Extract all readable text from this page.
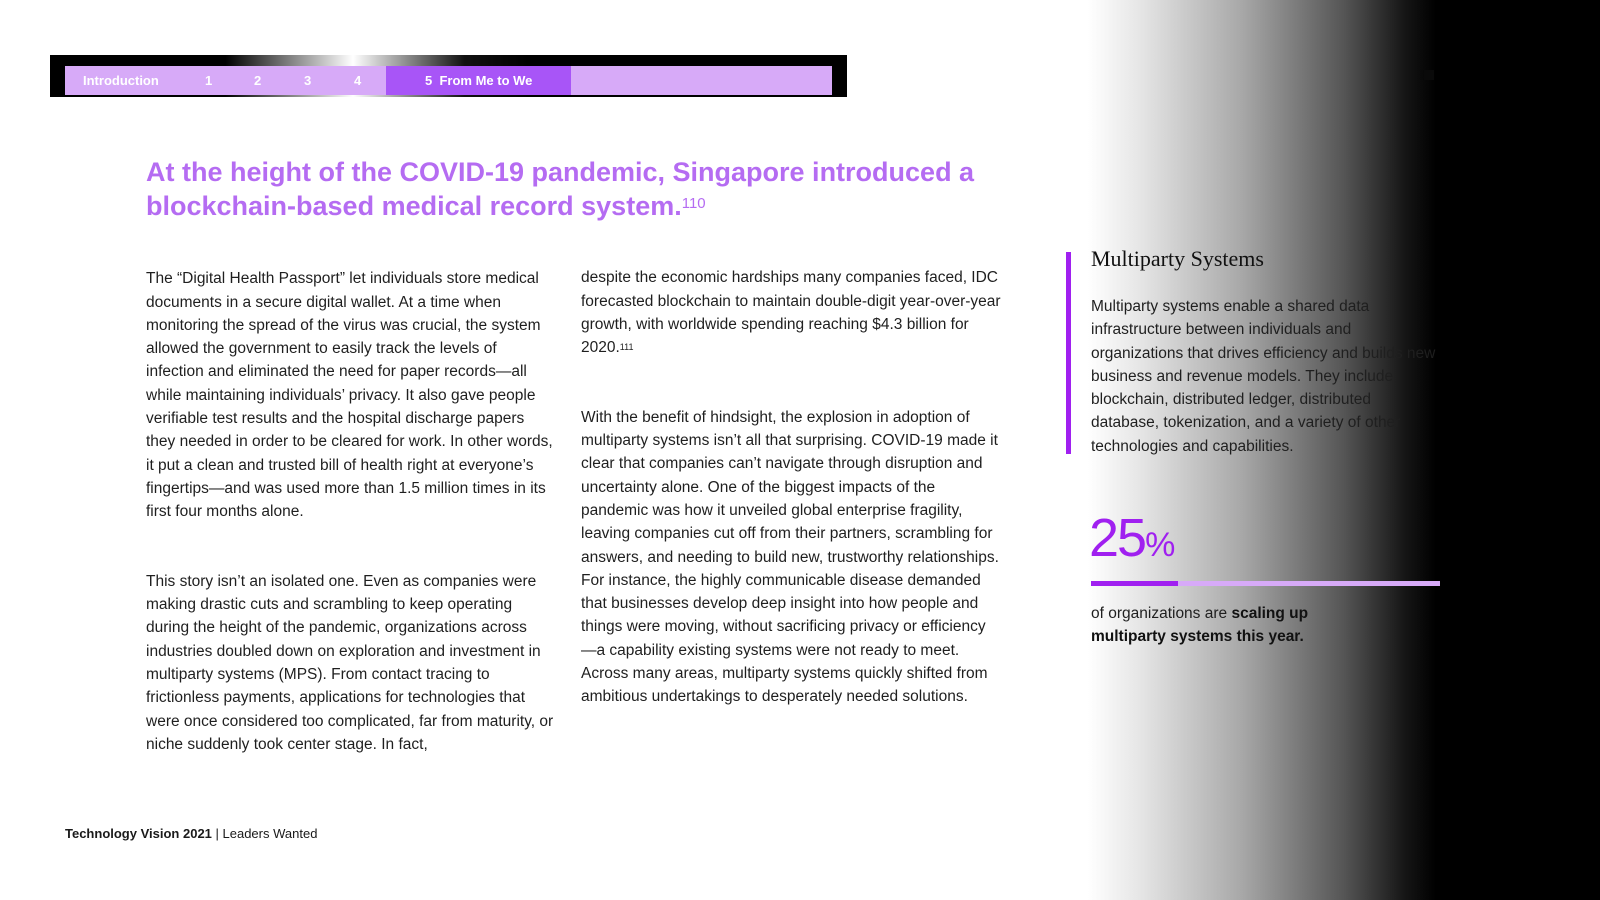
Introduction	1	2	3	4	5  From Me to We
At the height of the COVID-19 pandemic, Singapore introduced a blockchain-based medical record system.$^{110}$

The “Digital Health Passport” let individuals store medical documents in a secure digital wallet. At a time when monitoring the spread of the virus was crucial, the system allowed the government to easily track the levels of infection and eliminated the need for paper records—all while maintaining individuals’ privacy. It also gave people verifiable test results and the hospital discharge papers they needed in order to be cleared for work. In other words, it put a clean and trusted bill of health right at everyone’s fingertips—and was used more than 1.5 million times in its first four months alone.

This story isn’t an isolated one. Even as companies were making drastic cuts and scrambling to keep operating during the height of the pandemic, organizations across industries doubled down on exploration and investment in multiparty systems (MPS). From contact tracing to frictionless payments, applications for technologies that were once considered too complicated, far from maturity, or niche suddenly took center stage. In fact,

despite the economic hardships many companies faced, IDC forecasted blockchain to maintain double-digit year-over-year growth, with worldwide spending reaching $4.3 billion for 2020.$^{111}$

With the benefit of hindsight, the explosion in adoption of multiparty systems isn’t all that surprising. COVID-19 made it clear that companies can’t navigate through disruption and uncertainty alone. One of the biggest impacts of the pandemic was how it unveiled global enterprise fragility, leaving companies cut off from their partners, scrambling for answers, and needing to build new, trustworthy relationships. For instance, the highly communicable disease demanded that businesses develop deep insight into how people and things were moving, without sacrificing privacy or efficiency—a capability existing systems were not ready to meet. Across many areas, multiparty systems quickly shifted from ambitious undertakings to desperately needed solutions.

Technology Vision 2021 | Leaders Wanted
Multiparty Systems
Multiparty systems enable a shared data infrastructure between individuals and organizations that drives efficiency and builds new business and revenue models. They include blockchain, distributed ledger, distributed database, tokenization, and a variety of other technologies and capabilities.
25%
of organizations are scaling up multiparty systems this year.
